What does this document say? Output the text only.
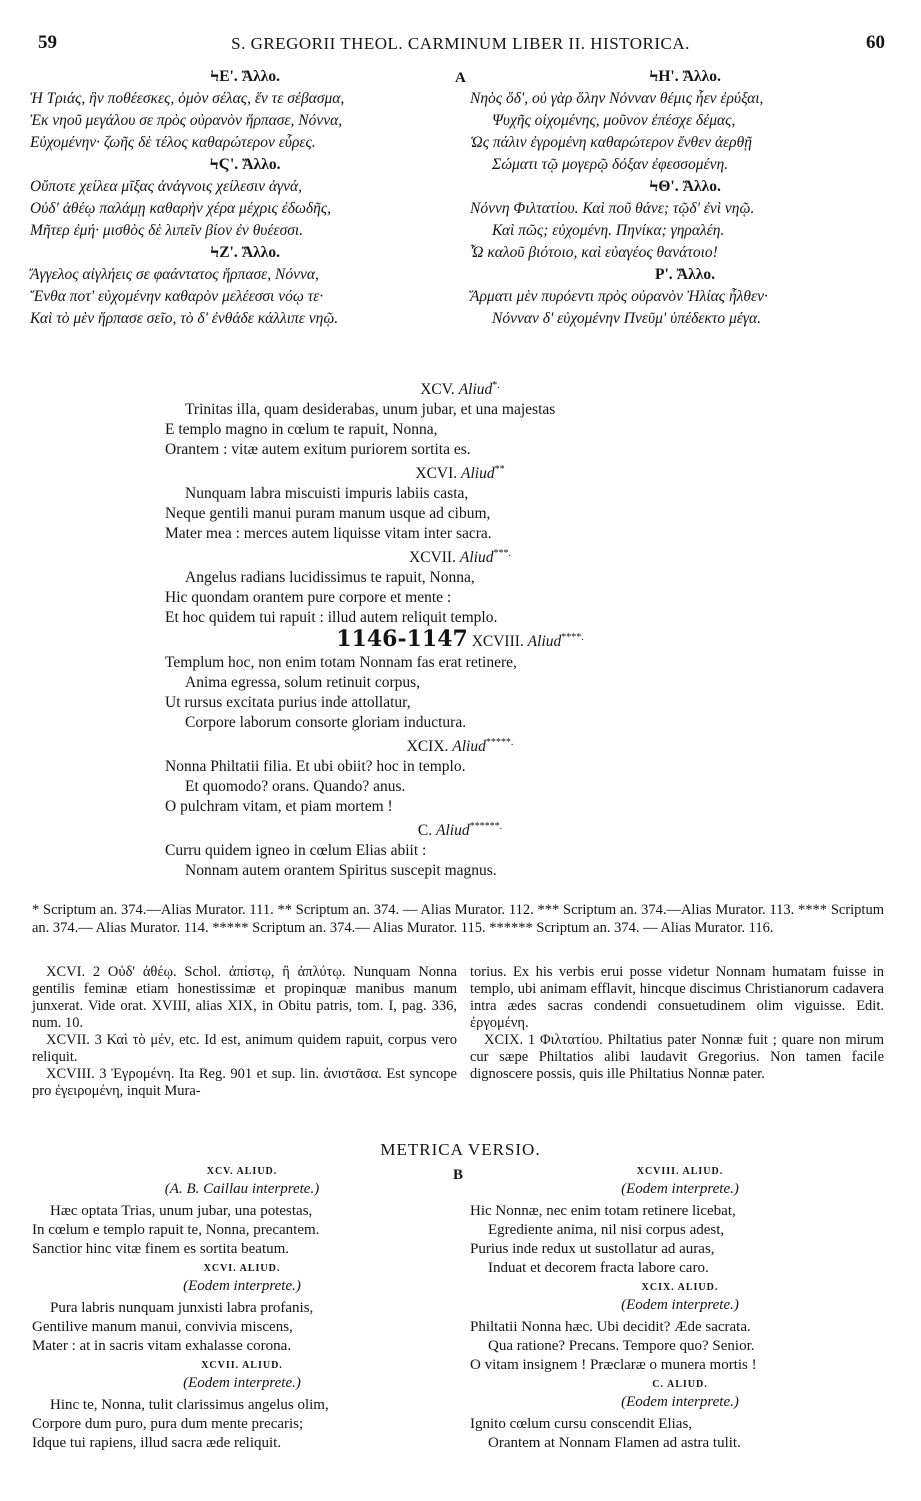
59	S. GREGORII THEOL. CARMINUM LIBER II. HISTORICA.	60
A
ϞΕ'. Ἄλλο.
Ἡ Τριάς, ἣν ποθέεσκες, ὁμὸν σέλας, ἕν τε σέβασμα,
Ἐκ νηοῦ μεγάλου σε πρὸς οὐρανὸν ἥρπασε, Νόννα,
Εὐχομένην· ζωῆς δὲ τέλος καθαρώτερον εὗρες.
ϞϚ'. Ἄλλο.
Οὔποτε χείλεα μῖξας ἀνάγνοις χείλεσιν ἁγνά,
Οὐδ' ἀθέῳ παλάμῃ καθαρὴν χέρα μέχρις ἐδωδῆς,
Μῆτερ ἐμή· μισθὸς δὲ λιπεῖν βίον ἐν θυέεσσι.
ϞΖ'. Ἄλλο.
Ἄγγελος αἰγλήεις σε φαάντατος ἥρπασε, Νόννα,
Ἔνθα ποτ' εὐχομένην καθαρὸν μελέεσσι νόῳ τε·
Καὶ τὸ μὲν ἥρπασε σεῖο, τὸ δ' ἐνθάδε κάλλιπε νηῷ.
ϞΗ'. Ἄλλο.
Νηὸς ὅδ', οὐ γὰρ ὅλην Νόνναν θέμις ἦεν ἐρύξαι,
Ψυχῆς οἰχομένης, μοῦνον ἐπέσχε δέμας,
Ὡς πάλιν ἐγρομένη καθαρώτερον ἔνθεν ἀερθῇ
Σώματι τῷ μογερῷ δόξαν ἐφεσσομένη.
ϞΘ'. Ἄλλο.
Νόννη Φιλτατίου. Καὶ ποῦ θάνε; τῷδ' ἐνὶ νηῷ.
Καὶ πῶς; εὐχομένη. Πηνίκα; γηραλέη.
Ὦ καλοῦ βιότοιο, καὶ εὐαγέος θανάτοιο!
Ρ'. Ἄλλο.
Ἅρματι μὲν πυρόεντι πρὸς οὐρανὸν Ἠλίας ἦλθεν·
Νόνναν δ' εὐχομένην Πνεῦμ' ὑπέδεκτο μέγα.
XCV. Aliud*.
Trinitas illa, quam desiderabas, unum jubar, et una majestas
E templo magno in cœlum te rapuit, Nonna,
Orantem : vitæ autem exitum puriorem sortita es.
XCVI. Aliud**
Nunquam labra miscuisti impuris labiis casta,
Neque gentili manui puram manum usque ad cibum,
Mater mea : merces autem liquisse vitam inter sacra.
XCVII. Aliud***.
Angelus radians lucidissimus te rapuit, Nonna,
Hic quondam orantem pure corpore et mente :
Et hoc quidem tui rapuit : illud autem reliquit templo.
1146-1147 XCVIII. Aliud****.
Templum hoc, non enim totam Nonnam fas erat retinere,
Anima egressa, solum retinuit corpus,
Ut rursus excitata purius inde attollatur,
Corpore laborum consorte gloriam inductura.
XCIX. Aliud*****.
Nonna Philtatii filia. Et ubi obiit? hoc in templo.
Et quomodo? orans. Quando? anus.
O pulchram vitam, et piam mortem !
C. Aliud******.
Curru quidem igneo in cœlum Elias abiit :
Nonnam autem orantem Spiritus suscepit magnus.
* Scriptum an. 374.—Alias Murator. 111. ** Scriptum an. 374. — Alias Murator. 112. *** Scriptum an. 374.—Alias Murator. 113. **** Scriptum an. 374.— Alias Murator. 114. ***** Scriptum an. 374.— Alias Murator. 115. ****** Scriptum an. 374. — Alias Murator. 116.

XCVI. 2 Οὐδ' ἀθέῳ. Schol. ἀπίστῳ, ἢ ἀπλύτῳ. Nunquam Nonna gentilis feminæ etiam honestissimæ et propinquæ manibus manum junxerat. Vide orat. XVIII, alias XIX, in Obitu patris, tom. I, pag. 336, num. 10.

XCVII. 3 Καὶ τὸ μέν, etc. Id est, animum quidem rapuit, corpus vero reliquit.

XCVIII. 3 Ἐγρομένη. Ita Reg. 901 et sup. lin. ἀνιστᾶσα. Est syncope pro ἐγειρομένη, inquit Mura-

torius. Ex his verbis erui posse videtur Nonnam humatam fuisse in templo, ubi animam efflavit, hincque discimus Christianorum cadavera intra ædes sacras condendi consuetudinem olim viguisse. Edit. ἐργομένη.

XCIX. 1 Φιλτατίου. Philtatius pater Nonnæ fuit ; quare non mirum cur sæpe Philtatios alibi laudavit Gregorius. Non tamen facile dignoscere possis, quis ille Philtatius Nonnæ pater.

METRICA VERSIO.
B
XCV. ALIUD.
(A. B. Caillau interprete.)
Hæc optata Trias, unum jubar, una potestas,
In cœlum e templo rapuit te, Nonna, precantem.
Sanctior hinc vitæ finem es sortita beatum.
XCVI. ALIUD.
(Eodem interprete.)
Pura labris nunquam junxisti labra profanis,
Gentilive manum manui, convivia miscens,
Mater : at in sacris vitam exhalasse corona.
XCVII. ALIUD.
(Eodem interprete.)
Hinc te, Nonna, tulit clarissimus angelus olim,
Corpore dum puro, pura dum mente precaris;
Idque tui rapiens, illud sacra æde reliquit.
XCVIII. ALIUD.
(Eodem interprete.)
Hic Nonnæ, nec enim totam retinere licebat,
Egrediente anima, nil nisi corpus adest,
Purius inde redux ut sustollatur ad auras,
Induat et decorem fracta labore caro.
XCIX. ALIUD.
(Eodem interprete.)
Philtatii Nonna hæc. Ubi decidit? Æde sacrata.
Qua ratione? Precans. Tempore quo? Senior.
O vitam insignem ! Præclaræ o munera mortis !
C. ALIUD.
(Eodem interprete.)
Ignito cœlum cursu conscendit Elias,
Orantem at Nonnam Flamen ad astra tulit.
